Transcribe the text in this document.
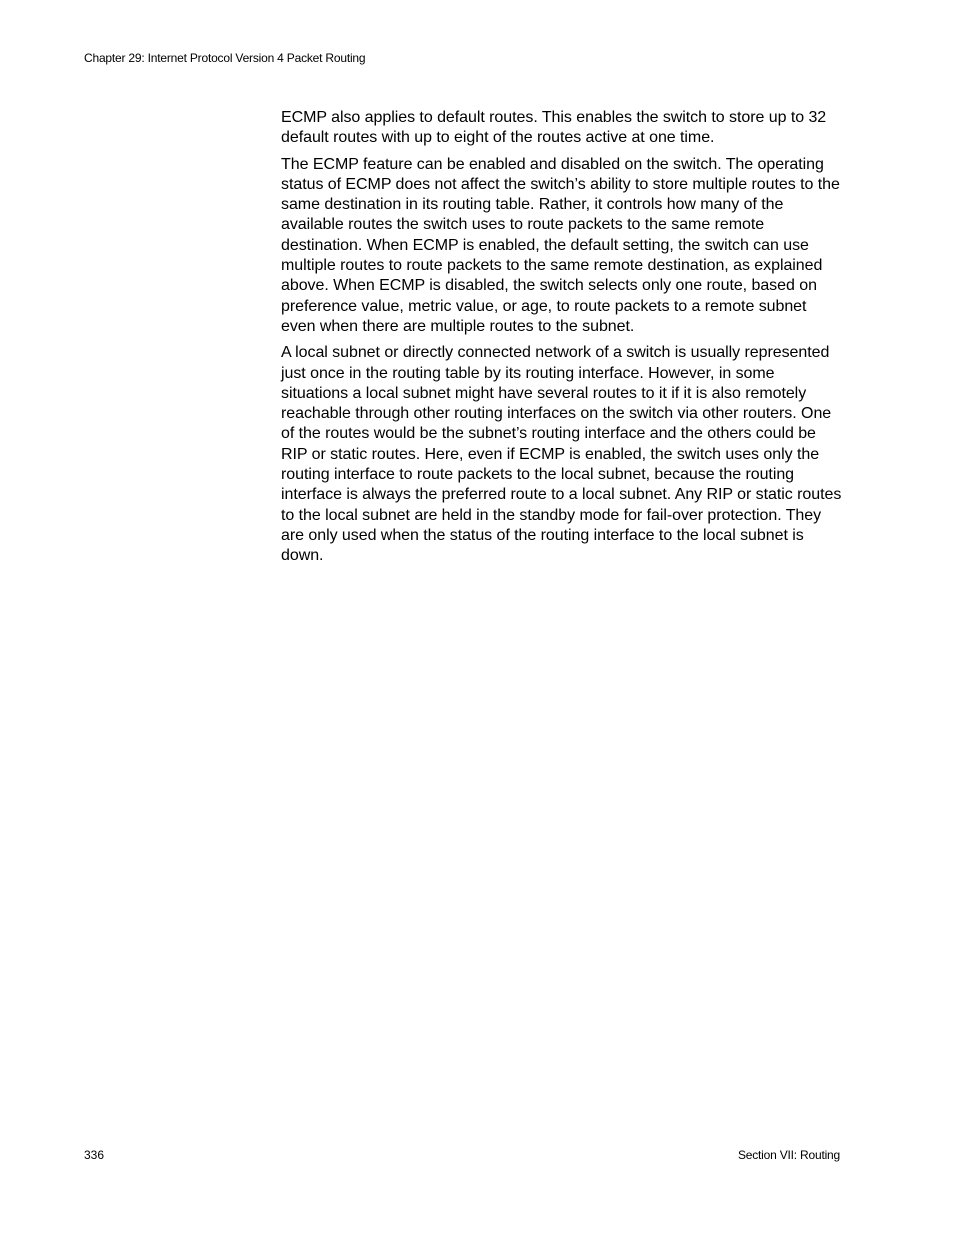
Chapter 29: Internet Protocol Version 4 Packet Routing

ECMP also applies to default routes. This enables the switch to store up to 32 default routes with up to eight of the routes active at one time.

The ECMP feature can be enabled and disabled on the switch. The operating status of ECMP does not affect the switch’s ability to store multiple routes to the same destination in its routing table. Rather, it controls how many of the available routes the switch uses to route packets to the same remote destination. When ECMP is enabled, the default setting, the switch can use multiple routes to route packets to the same remote destination, as explained above. When ECMP is disabled, the switch selects only one route, based on preference value, metric value, or age, to route packets to a remote subnet even when there are multiple routes to the subnet.

A local subnet or directly connected network of a switch is usually represented just once in the routing table by its routing interface. However, in some situations a local subnet might have several routes to it if it is also remotely reachable through other routing interfaces on the switch via other routers. One of the routes would be the subnet’s routing interface and the others could be RIP or static routes. Here, even if ECMP is enabled, the switch uses only the routing interface to route packets to the local subnet, because the routing interface is always the preferred route to a local subnet. Any RIP or static routes to the local subnet are held in the standby mode for fail-over protection. They are only used when the status of the routing interface to the local subnet is down.

336	Section VII: Routing
